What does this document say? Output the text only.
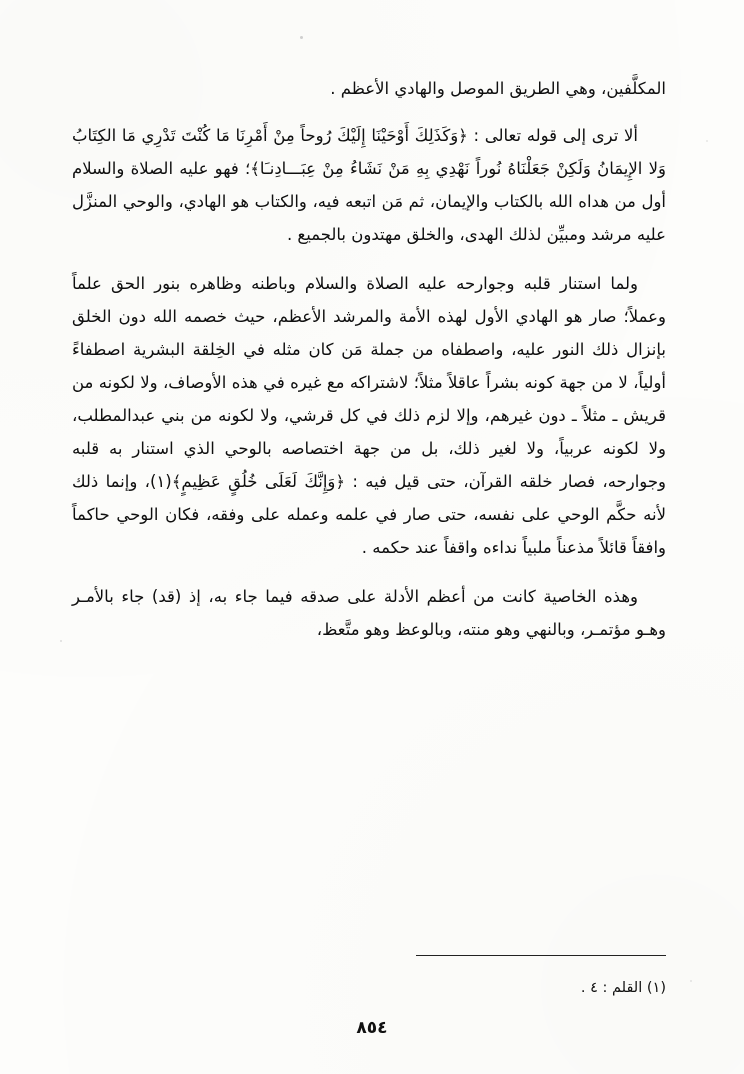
المكلَّفين، وهي الطريق الموصل والهادي الأعظم .

ألا ترى إلى قوله تعالى : ﴿وَكَذَلِكَ أَوْحَيْنَا إِلَيْكَ رُوحاً مِنْ أَمْرِنَا مَا كُنْتَ تَدْرِي مَا الكِتَابُ وَلا الإِيمَانُ وَلَكِنْ جَعَلْنَاهُ نُوراً نَهْدِي بِهِ مَنْ نَشَاءُ مِنْ عِبَـــادِنـَا﴾؛ فهو عليه الصلاة والسلام أول من هداه الله بالكتاب والإيمان، ثم مَن اتبعه فيه، والكتاب هو الهادي، والوحي المنزَّل عليه مرشد ومبيِّن لذلك الهدى، والخلق مهتدون بالجميع .

ولما استنار قلبه وجوارحه عليه الصلاة والسلام وباطنه وظاهره بنور الحق علماً وعملاً؛ صار هو الهادي الأول لهذه الأمة والمرشد الأعظم، حيث خصمه الله دون الخلق بإنزال ذلك النور عليه، واصطفاه من جملة مَن كان مثله في الخِلقة البشرية اصطفاءً أولياً، لا من جهة كونه بشراً عاقلاً مثلاً؛ لاشتراكه مع غيره في هذه الأوصاف، ولا لكونه من قريش ـ مثلاً ـ دون غيرهم، وإلا لزم ذلك في كل قرشي، ولا لكونه من بني عبدالمطلب، ولا لكونه عربياً، ولا لغير ذلك، بل من جهة اختصاصه بالوحي الذي استنار به قلبه وجوارحه، فصار خلقه القرآن، حتى قيل فيه : ﴿وَإِنَّكَ لَعَلَى خُلُقٍ عَظِيمٍ﴾(١)، وإنما ذلك لأنه حكَّم الوحي على نفسه، حتى صار في علمه وعمله على وفقه، فكان الوحي حاكماً وافقاً قائلاً مذعناً ملبياً نداءه واقفاً عند حكمه .

وهذه الخاصية كانت من أعظم الأدلة على صدقه فيما جاء به، إذ (قد) جاء بالأمـر وهـو مؤتمـر، وبالنهي وهو منته، وبالوعظ وهو متَّعظ،

(١) القلم : ٤ .
٨٥٤
